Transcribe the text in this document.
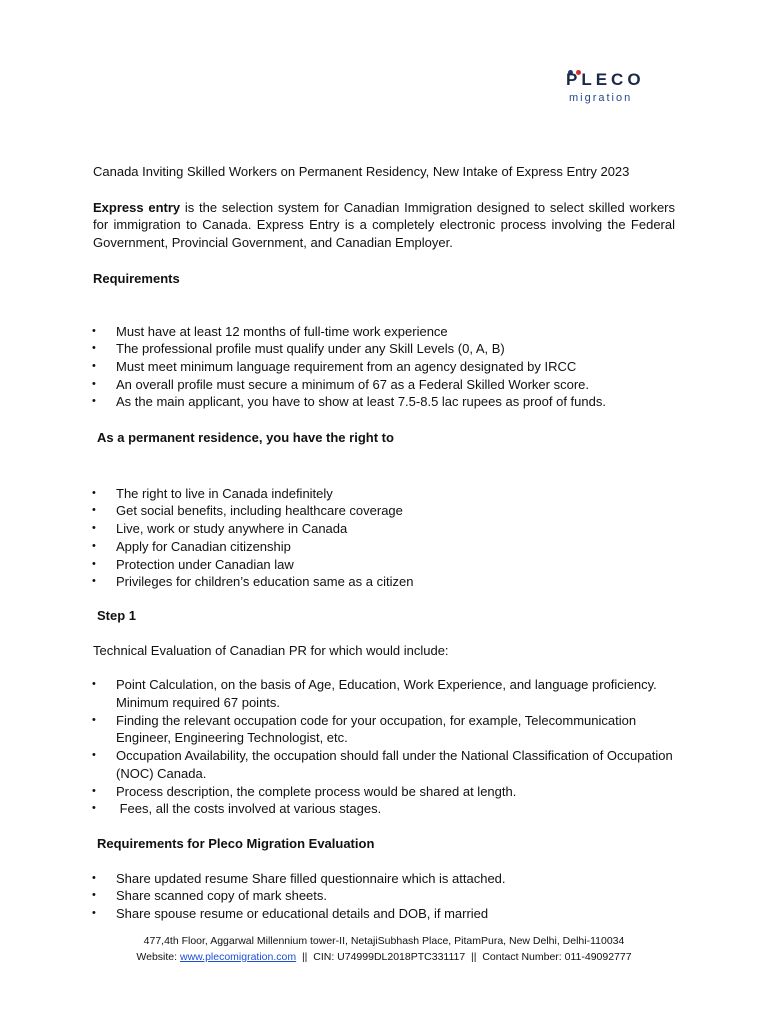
PLECO
migration

Canada Inviting Skilled Workers on Permanent Residency, New Intake of Express Entry 2023

Express entry is the selection system for Canadian Immigration designed to select skilled workers for immigration to Canada. Express Entry is a completely electronic process involving the Federal Government, Provincial Government, and Canadian Employer.

Requirements

• Must have at least 12 months of full-time work experience
• The professional profile must qualify under any Skill Levels (0, A, B)
• Must meet minimum language requirement from an agency designated by IRCC
• An overall profile must secure a minimum of 67 as a Federal Skilled Worker score.
• As the main applicant, you have to show at least 7.5-8.5 lac rupees as proof of funds.

As a permanent residence, you have the right to

• The right to live in Canada indefinitely
• Get social benefits, including healthcare coverage
• Live, work or study anywhere in Canada
• Apply for Canadian citizenship
• Protection under Canadian law
• Privileges for children’s education same as a citizen

Step 1

Technical Evaluation of Canadian PR for which would include:

• Point Calculation, on the basis of Age, Education, Work Experience, and language proficiency. Minimum required 67 points.
• Finding the relevant occupation code for your occupation, for example, Telecommunication Engineer, Engineering Technologist, etc.
• Occupation Availability, the occupation should fall under the National Classification of Occupation (NOC) Canada.
• Process description, the complete process would be shared at length.
•  Fees, all the costs involved at various stages.

Requirements for Pleco Migration Evaluation

• Share updated resume Share filled questionnaire which is attached.
• Share scanned copy of mark sheets.
• Share spouse resume or educational details and DOB, if married
477,4th Floor, Aggarwal Millennium tower-II, NetajiSubhash Place, PitamPura, New Delhi, Delhi-110034
Website: www.plecomigration.com  ||  CIN: U74999DL2018PTC331117  ||  Contact Number: 011-49092777
